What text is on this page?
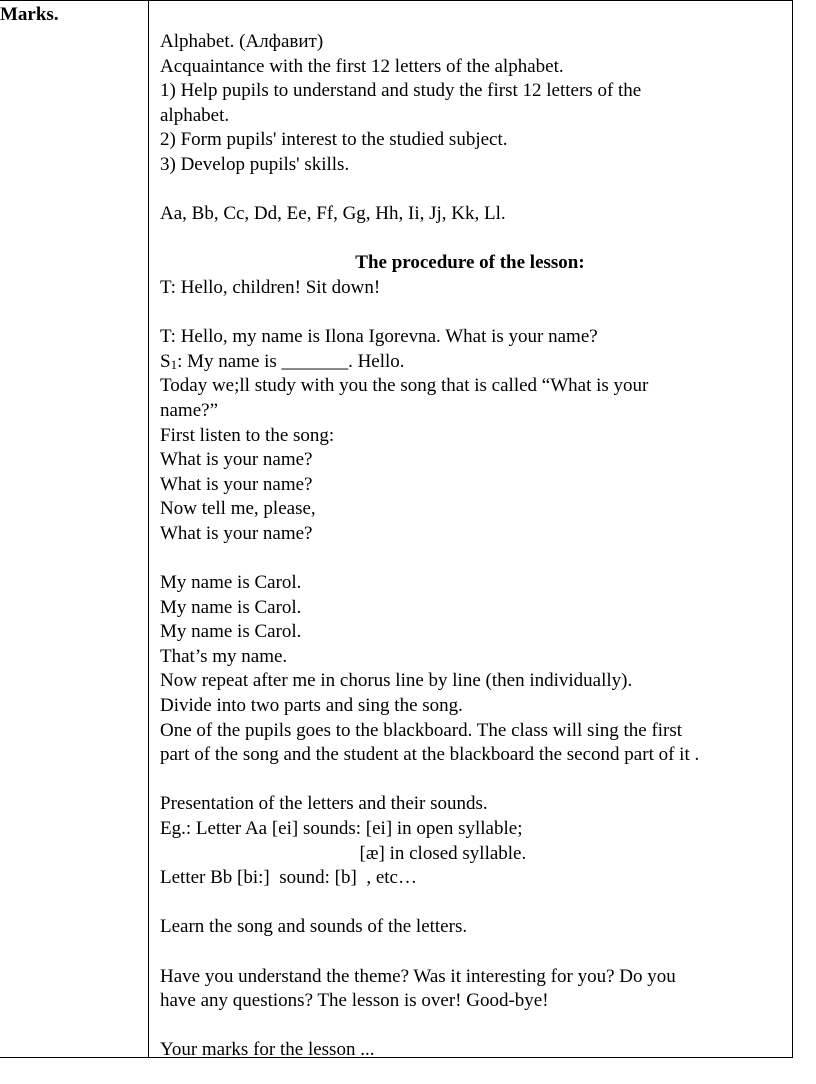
Marks.
Alphabet. (Алфавит)
Acquaintance with the first 12 letters of the alphabet.
1) Help pupils to understand and study the first 12 letters of the
alphabet.
2) Form pupils' interest to the studied subject.
3) Develop pupils' skills.
Aa, Bb, Cc, Dd, Ee, Ff, Gg, Hh, Ii, Jj, Kk, Ll.
The procedure of the lesson:
T: Hello, children! Sit down!
T: Hello, my name is Ilona Igorevna. What is your name?
$S_1$: My name is _______. Hello.
Today we;ll study with you the song that is called “What is your
name?”
First listen to the song:
What is your name?
What is your name?
Now tell me, please,
What is your name?
My name is Carol.
My name is Carol.
My name is Carol.
That’s my name.
Now repeat after me in chorus line by line (then individually).
Divide into two parts and sing the song.
One of the pupils goes to the blackboard. The class will sing the first
part of the song and the student at the blackboard the second part of it .
Presentation of the letters and their sounds.
Eg.: Letter Aa [ei] sounds: [ei] in open syllable;
[æ] in closed syllable.
Letter Bb [bi:]  sound: [b]  , etc…
Learn the song and sounds of the letters.
Have you understand the theme? Was it interesting for you? Do you
have any questions? The lesson is over! Good-bye!
Your marks for the lesson ...
